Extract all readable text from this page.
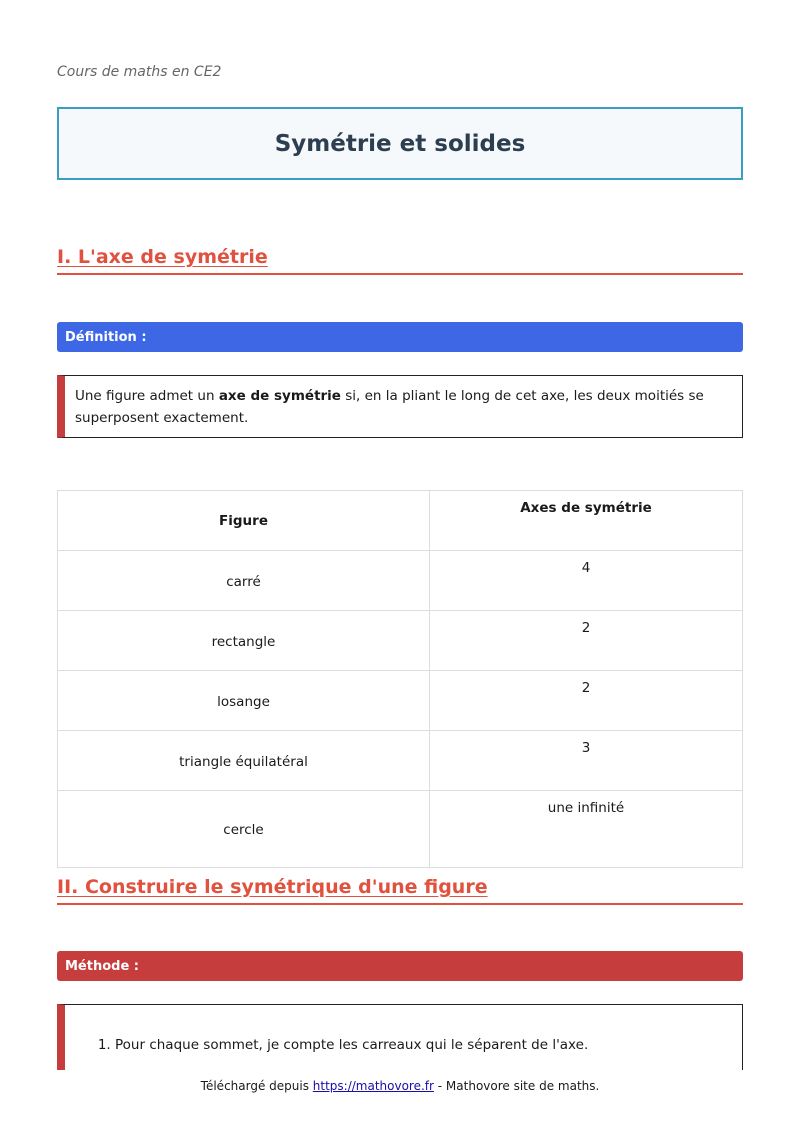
Cours de maths en CE2
Symétrie et solides
I. L'axe de symétrie
Définition :
Une figure admet un axe de symétrie si, en la pliant le long de cet axe, les deux moitiés se superposent exactement.
Figure	Axes de symétrie
carré	4
rectangle	2
losange	2
triangle équilatéral	3
cercle	une infinité
II. Construire le symétrique d'une figure
Méthode :
1. Pour chaque sommet, je compte les carreaux qui le séparent de l'axe.
Téléchargé depuis https://mathovore.fr - Mathovore site de maths.
